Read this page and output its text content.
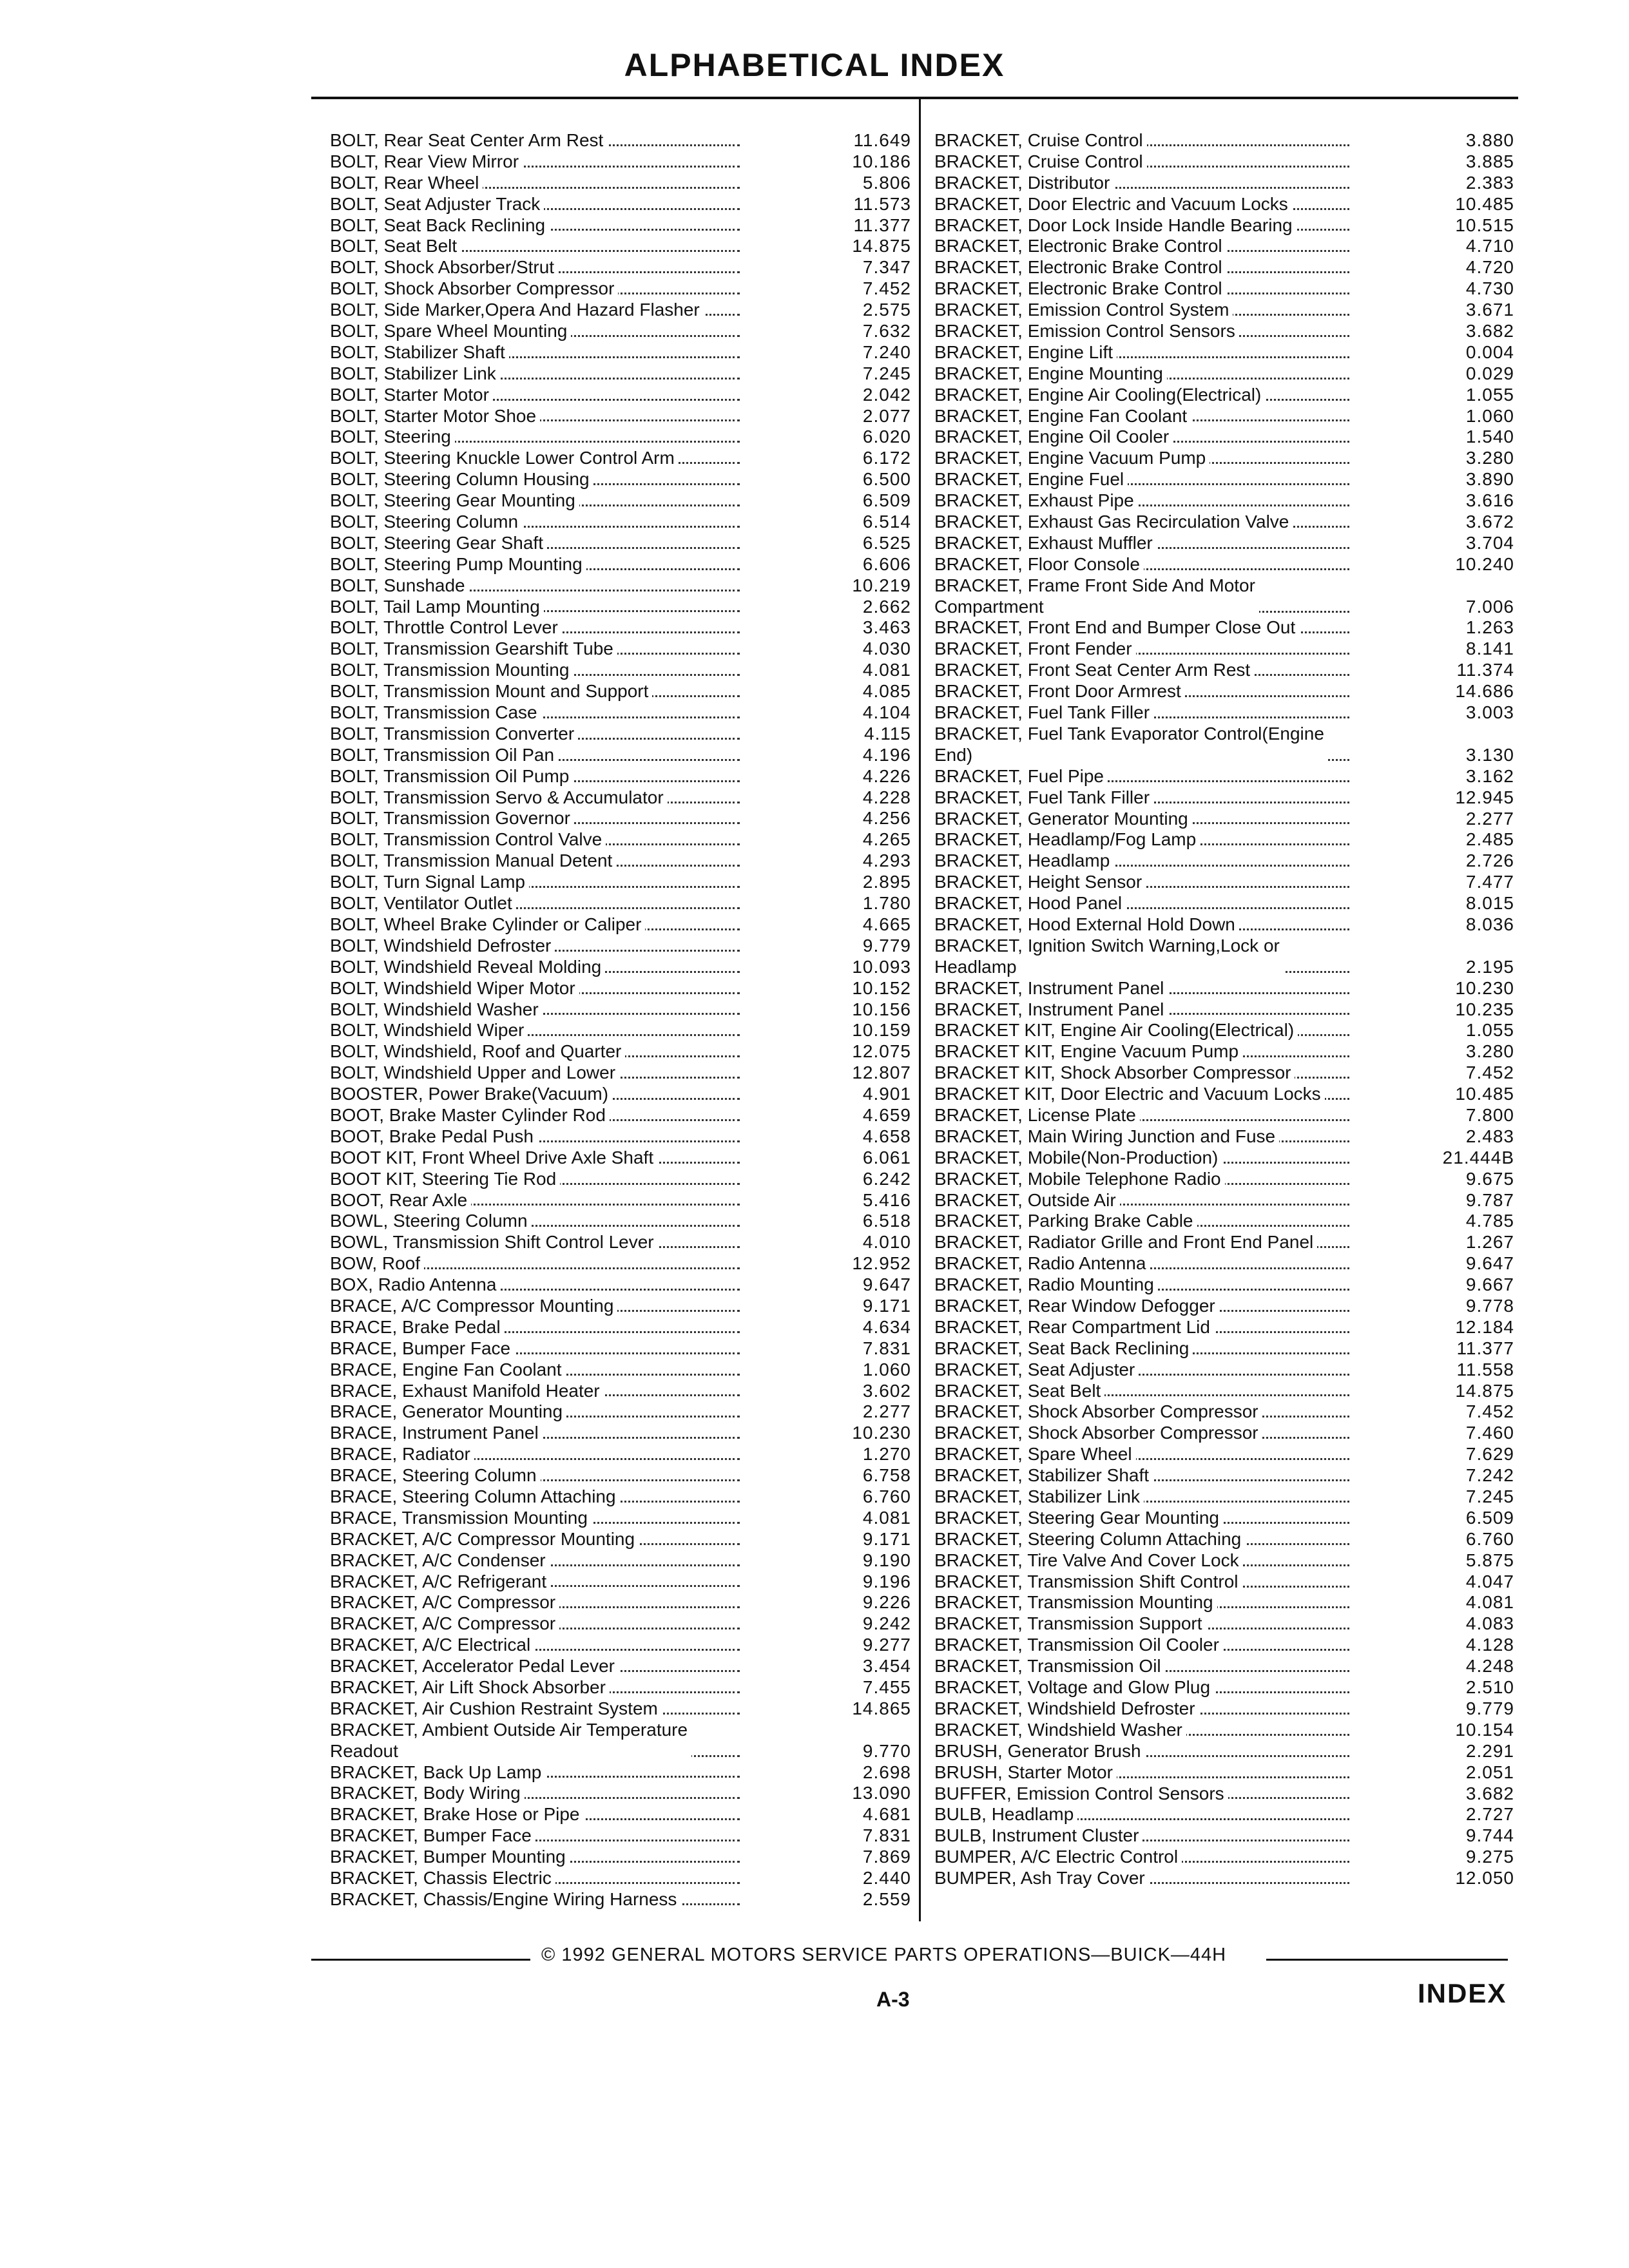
ALPHABETICAL INDEX
BOLT, Rear Seat Center Arm Rest	11.649
BOLT, Rear View Mirror	10.186
BOLT, Rear Wheel	5.806
BOLT, Seat Adjuster Track	11.573
BOLT, Seat Back Reclining	11.377
BOLT, Seat Belt	14.875
BOLT, Shock Absorber/Strut	7.347
BOLT, Shock Absorber Compressor	7.452
BOLT, Side Marker,Opera And Hazard Flasher	2.575
BOLT, Spare Wheel Mounting	7.632
BOLT, Stabilizer Shaft	7.240
BOLT, Stabilizer Link	7.245
BOLT, Starter Motor	2.042
BOLT, Starter Motor Shoe	2.077
BOLT, Steering	6.020
BOLT, Steering Knuckle Lower Control Arm	6.172
BOLT, Steering Column Housing	6.500
BOLT, Steering Gear Mounting	6.509
BOLT, Steering Column	6.514
BOLT, Steering Gear Shaft	6.525
BOLT, Steering Pump Mounting	6.606
BOLT, Sunshade	10.219
BOLT, Tail Lamp Mounting	2.662
BOLT, Throttle Control Lever	3.463
BOLT, Transmission Gearshift Tube	4.030
BOLT, Transmission Mounting	4.081
BOLT, Transmission Mount and Support	4.085
BOLT, Transmission Case	4.104
BOLT, Transmission Converter	4.115
BOLT, Transmission Oil Pan	4.196
BOLT, Transmission Oil Pump	4.226
BOLT, Transmission Servo & Accumulator	4.228
BOLT, Transmission Governor	4.256
BOLT, Transmission Control Valve	4.265
BOLT, Transmission Manual Detent	4.293
BOLT, Turn Signal Lamp	2.895
BOLT, Ventilator Outlet	1.780
BOLT, Wheel Brake Cylinder or Caliper	4.665
BOLT, Windshield Defroster	9.779
BOLT, Windshield Reveal Molding	10.093
BOLT, Windshield Wiper Motor	10.152
BOLT, Windshield Washer	10.156
BOLT, Windshield Wiper	10.159
BOLT, Windshield, Roof and Quarter	12.075
BOLT, Windshield Upper and Lower	12.807
BOOSTER, Power Brake(Vacuum)	4.901
BOOT, Brake Master Cylinder Rod	4.659
BOOT, Brake Pedal Push	4.658
BOOT KIT, Front Wheel Drive Axle Shaft	6.061
BOOT KIT, Steering Tie Rod	6.242
BOOT, Rear Axle	5.416
BOWL, Steering Column	6.518
BOWL, Transmission Shift Control Lever	4.010
BOW, Roof	12.952
BOX, Radio Antenna	9.647
BRACE, A/C Compressor Mounting	9.171
BRACE, Brake Pedal	4.634
BRACE, Bumper Face	7.831
BRACE, Engine Fan Coolant	1.060
BRACE, Exhaust Manifold Heater	3.602
BRACE, Generator Mounting	2.277
BRACE, Instrument Panel	10.230
BRACE, Radiator	1.270
BRACE, Steering Column	6.758
BRACE, Steering Column Attaching	6.760
BRACE, Transmission Mounting	4.081
BRACKET, A/C Compressor Mounting	9.171
BRACKET, A/C Condenser	9.190
BRACKET, A/C Refrigerant	9.196
BRACKET, A/C Compressor	9.226
BRACKET, A/C Compressor	9.242
BRACKET, A/C Electrical	9.277
BRACKET, Accelerator Pedal Lever	3.454
BRACKET, Air Lift Shock Absorber	7.455
BRACKET, Air Cushion Restraint System	14.865
BRACKET, Ambient Outside Air Temperature
Readout	9.770
BRACKET, Back Up Lamp	2.698
BRACKET, Body Wiring	13.090
BRACKET, Brake Hose or Pipe	4.681
BRACKET, Bumper Face	7.831
BRACKET, Bumper Mounting	7.869
BRACKET, Chassis Electric	2.440
BRACKET, Chassis/Engine Wiring Harness	2.559
BRACKET, Cruise Control	3.880
BRACKET, Cruise Control	3.885
BRACKET, Distributor	2.383
BRACKET, Door Electric and Vacuum Locks	10.485
BRACKET, Door Lock Inside Handle Bearing	10.515
BRACKET, Electronic Brake Control	4.710
BRACKET, Electronic Brake Control	4.720
BRACKET, Electronic Brake Control	4.730
BRACKET, Emission Control System	3.671
BRACKET, Emission Control Sensors	3.682
BRACKET, Engine Lift	0.004
BRACKET, Engine Mounting	0.029
BRACKET, Engine Air Cooling(Electrical)	1.055
BRACKET, Engine Fan Coolant	1.060
BRACKET, Engine Oil Cooler	1.540
BRACKET, Engine Vacuum Pump	3.280
BRACKET, Engine Fuel	3.890
BRACKET, Exhaust Pipe	3.616
BRACKET, Exhaust Gas Recirculation Valve	3.672
BRACKET, Exhaust Muffler	3.704
BRACKET, Floor Console	10.240
BRACKET, Frame Front Side And Motor
Compartment	7.006
BRACKET, Front End and Bumper Close Out	1.263
BRACKET, Front Fender	8.141
BRACKET, Front Seat Center Arm Rest	11.374
BRACKET, Front Door Armrest	14.686
BRACKET, Fuel Tank Filler	3.003
BRACKET, Fuel Tank Evaporator Control(Engine
End)	3.130
BRACKET, Fuel Pipe	3.162
BRACKET, Fuel Tank Filler	12.945
BRACKET, Generator Mounting	2.277
BRACKET, Headlamp/Fog Lamp	2.485
BRACKET, Headlamp	2.726
BRACKET, Height Sensor	7.477
BRACKET, Hood Panel	8.015
BRACKET, Hood External Hold Down	8.036
BRACKET, Ignition Switch Warning,Lock or
Headlamp	2.195
BRACKET, Instrument Panel	10.230
BRACKET, Instrument Panel	10.235
BRACKET KIT, Engine Air Cooling(Electrical)	1.055
BRACKET KIT, Engine Vacuum Pump	3.280
BRACKET KIT, Shock Absorber Compressor	7.452
BRACKET KIT, Door Electric and Vacuum Locks	10.485
BRACKET, License Plate	7.800
BRACKET, Main Wiring Junction and Fuse	2.483
BRACKET, Mobile(Non-Production)	21.444B
BRACKET, Mobile Telephone Radio	9.675
BRACKET, Outside Air	9.787
BRACKET, Parking Brake Cable	4.785
BRACKET, Radiator Grille and Front End Panel	1.267
BRACKET, Radio Antenna	9.647
BRACKET, Radio Mounting	9.667
BRACKET, Rear Window Defogger	9.778
BRACKET, Rear Compartment Lid	12.184
BRACKET, Seat Back Reclining	11.377
BRACKET, Seat Adjuster	11.558
BRACKET, Seat Belt	14.875
BRACKET, Shock Absorber Compressor	7.452
BRACKET, Shock Absorber Compressor	7.460
BRACKET, Spare Wheel	7.629
BRACKET, Stabilizer Shaft	7.242
BRACKET, Stabilizer Link	7.245
BRACKET, Steering Gear Mounting	6.509
BRACKET, Steering Column Attaching	6.760
BRACKET, Tire Valve And Cover Lock	5.875
BRACKET, Transmission Shift Control	4.047
BRACKET, Transmission Mounting	4.081
BRACKET, Transmission Support	4.083
BRACKET, Transmission Oil Cooler	4.128
BRACKET, Transmission Oil	4.248
BRACKET, Voltage and Glow Plug	2.510
BRACKET, Windshield Defroster	9.779
BRACKET, Windshield Washer	10.154
BRUSH, Generator Brush	2.291
BRUSH, Starter Motor	2.051
BUFFER, Emission Control Sensors	3.682
BULB, Headlamp	2.727
BULB, Instrument Cluster	9.744
BUMPER, A/C Electric Control	9.275
BUMPER, Ash Tray Cover	12.050
© 1992 GENERAL MOTORS SERVICE PARTS OPERATIONS—BUICK—44H
A-3	INDEX
